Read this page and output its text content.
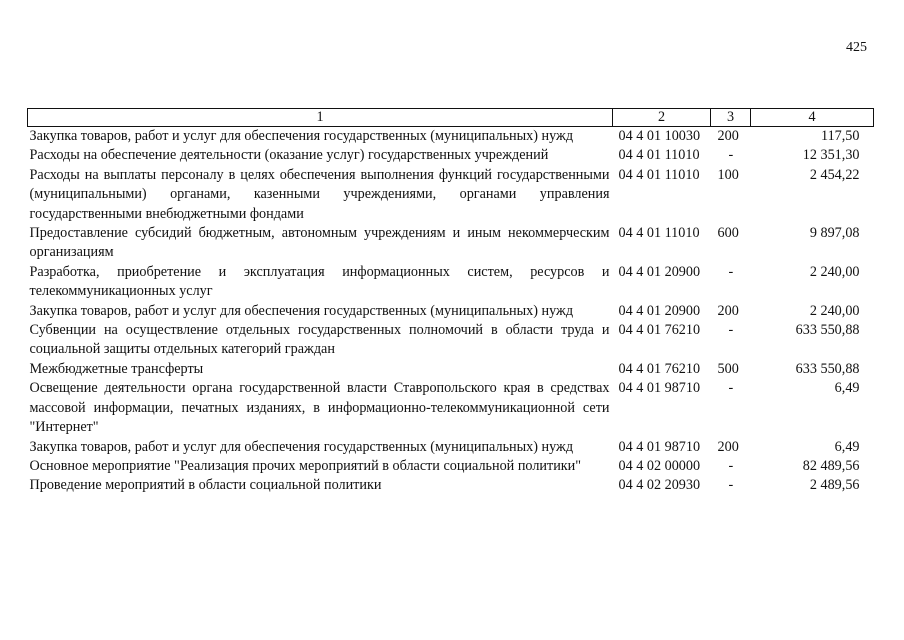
425
1	2	3	4
Закупка товаров, работ и услуг для обеспечения государственных (муниципальных) нужд	04 4 01 10030	200	117,50
Расходы на обеспечение деятельности (оказание услуг) государственных учреждений	04 4 01 11010	-	12 351,30
Расходы на выплаты персоналу в целях обеспечения выполнения функций государственными (муниципальными) органами, казенными учреждениями, органами управления государственными внебюджетными фондами	04 4 01 11010	100	2 454,22
Предоставление субсидий бюджетным, автономным учреждениям и иным некоммерческим организациям	04 4 01 11010	600	9 897,08
Разработка, приобретение и эксплуатация информационных систем, ресурсов и телекоммуникационных услуг	04 4 01 20900	-	2 240,00
Закупка товаров, работ и услуг для обеспечения государственных (муниципальных) нужд	04 4 01 20900	200	2 240,00
Субвенции на осуществление отдельных государственных полномочий в области труда и социальной защиты отдельных категорий граждан	04 4 01 76210	-	633 550,88
Межбюджетные трансферты	04 4 01 76210	500	633 550,88
Освещение деятельности органа государственной власти Ставропольского края в средствах массовой информации, печатных изданиях, в информационно-телекоммуникационной сети "Интернет"	04 4 01 98710	-	6,49
Закупка товаров, работ и услуг для обеспечения государственных (муниципальных) нужд	04 4 01 98710	200	6,49
Основное мероприятие "Реализация прочих мероприятий в области социальной политики"	04 4 02 00000	-	82 489,56
Проведение мероприятий в области социальной политики	04 4 02 20930	-	2 489,56
